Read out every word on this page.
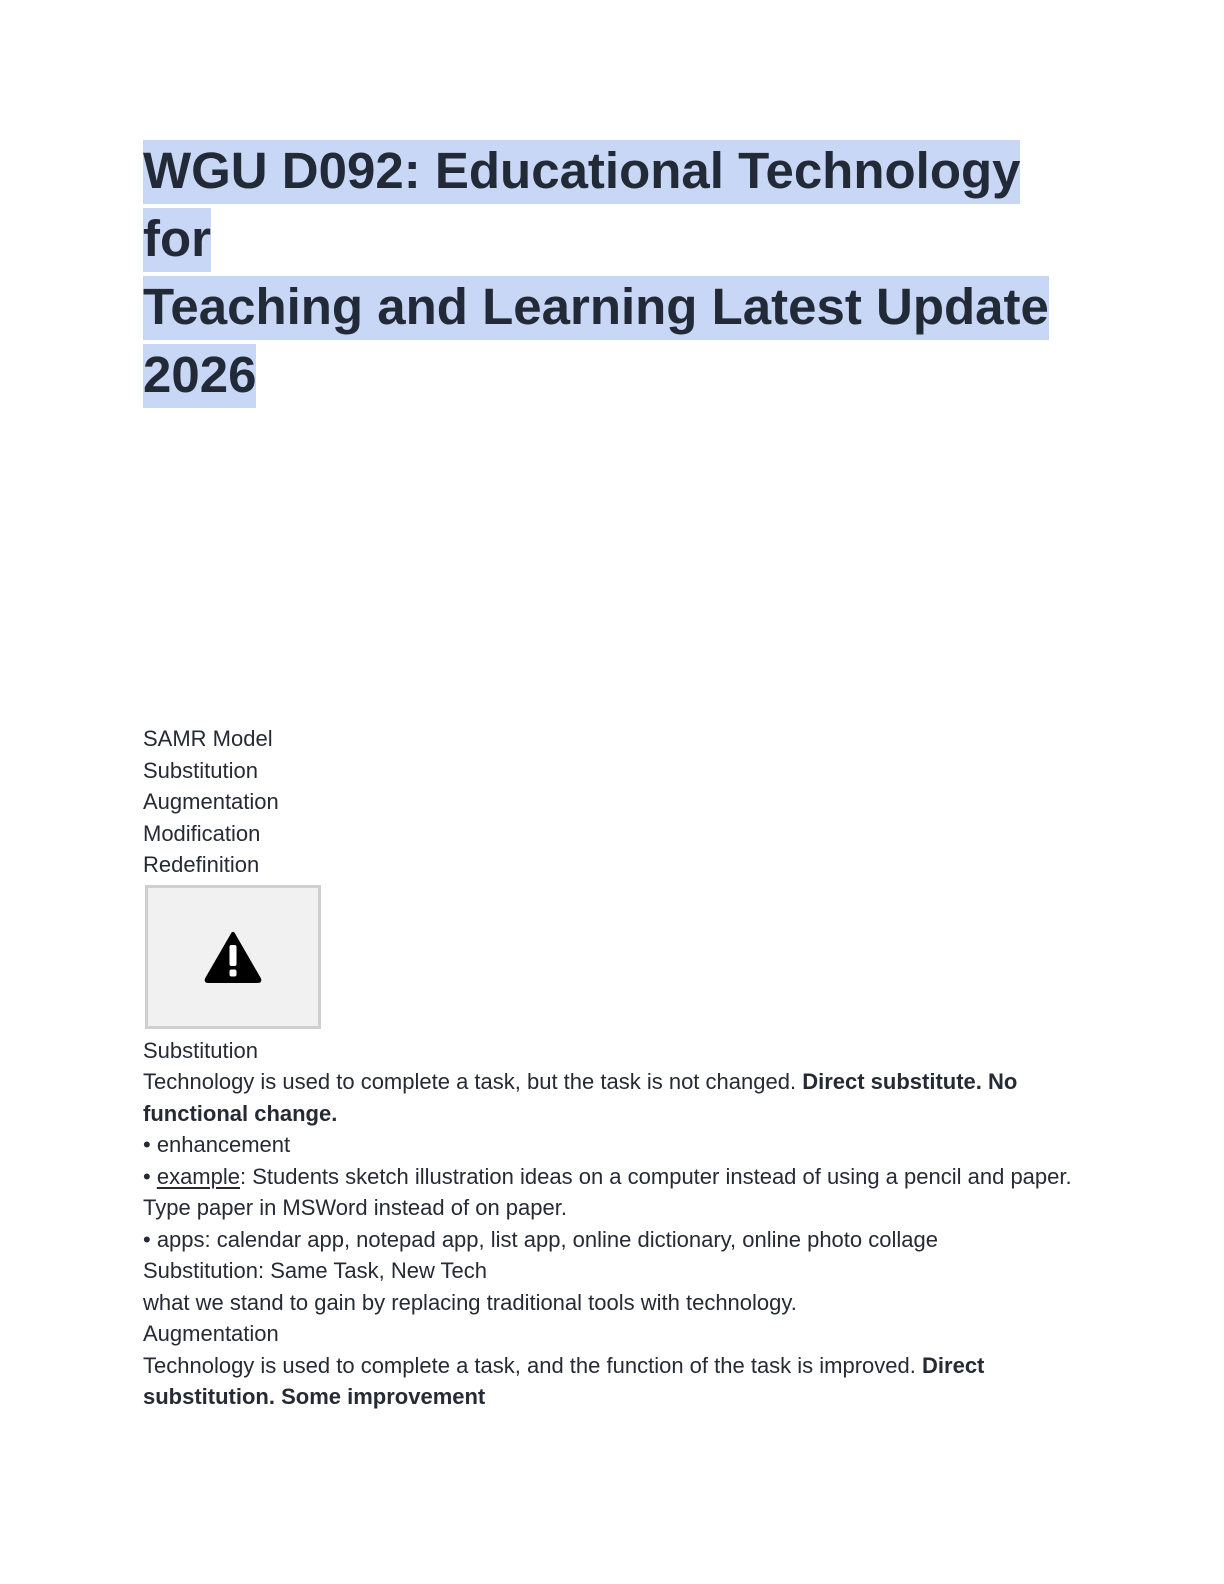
WGU D092: Educational Technology for
Teaching and Learning Latest Update
2026
SAMR Model
Substitution
Augmentation
Modification
Redefinition
Substitution
Technology is used to complete a task, but the task is not changed. Direct substitute. No functional change.
• enhancement
• example: Students sketch illustration ideas on a computer instead of using a pencil and paper. Type paper in MSWord instead of on paper.
• apps: calendar app, notepad app, list app, online dictionary, online photo collage
Substitution: Same Task, New Tech
what we stand to gain by replacing traditional tools with technology.
Augmentation
Technology is used to complete a task, and the function of the task is improved. Direct substitution. Some improvement
